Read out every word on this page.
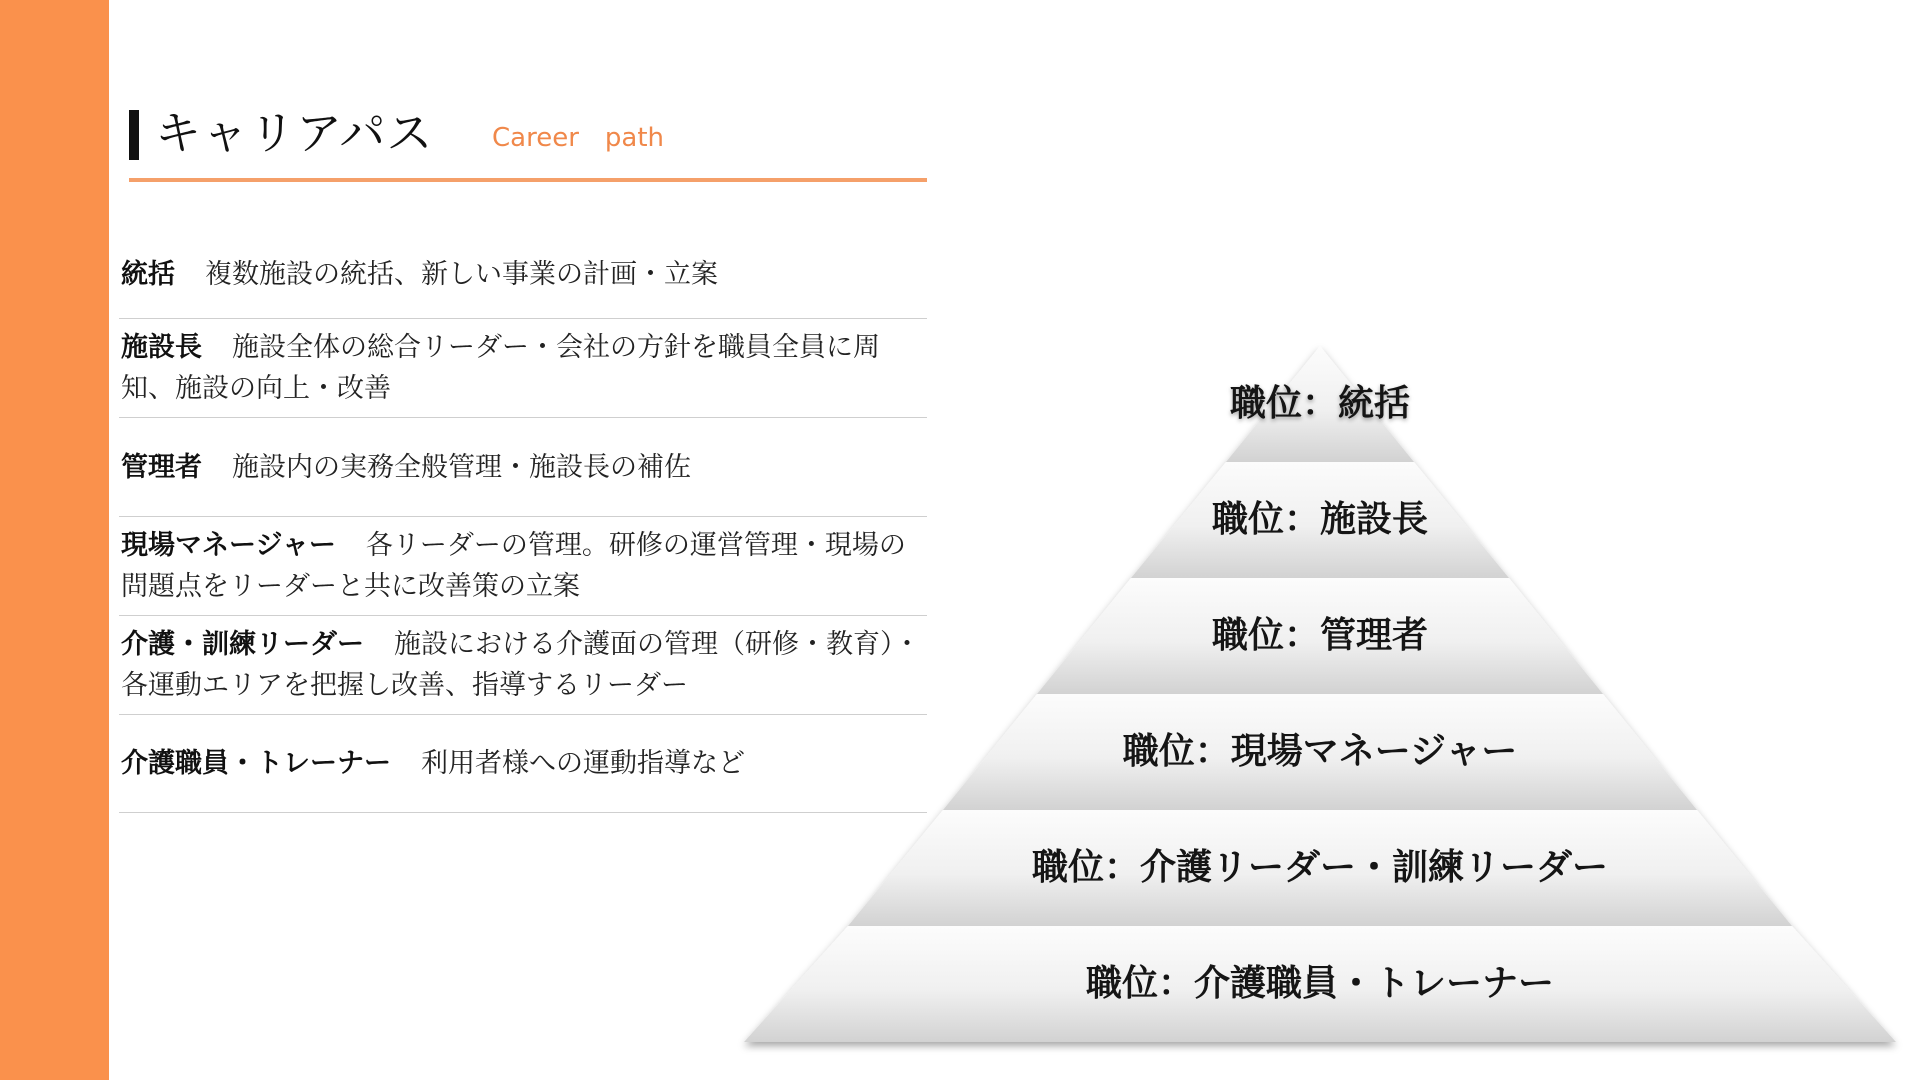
キャリアパス Career　path
統括 複数施設の統括、新しい事業の計画・立案
施設長 施設全体の総合リーダー・会社の方針を職員全員に周知、施設の向上・改善
管理者 施設内の実務全般管理・施設長の補佐
現場マネージャー 各リーダーの管理。研修の運営管理・現場の問題点をリーダーと共に改善策の立案
介護・訓練リーダー 施設における介護面の管理（研修・教育）・各運動エリアを把握し改善、指導するリーダー
介護職員・トレーナー 利用者様への運動指導など
職位：統括
職位：施設長
職位：管理者
職位：現場マネージャー
職位：介護リーダー・訓練リーダー
職位：介護職員・トレーナー
